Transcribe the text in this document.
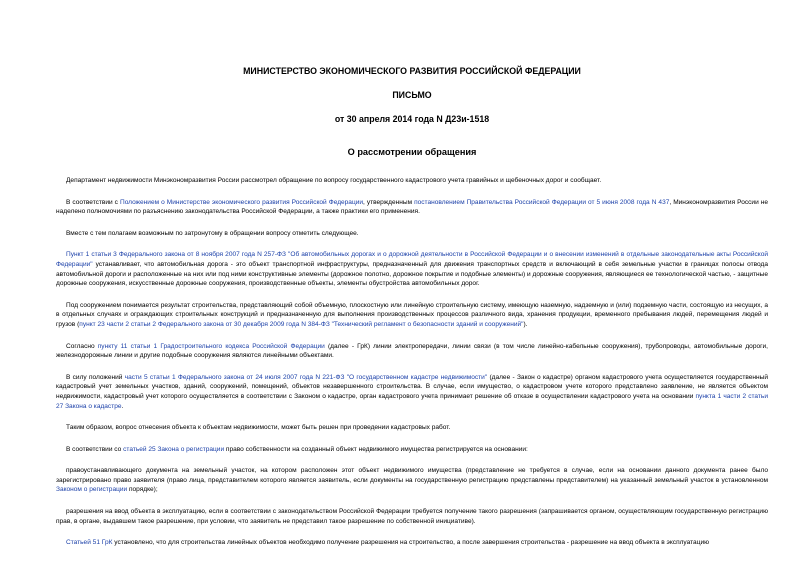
МИНИСТЕРСТВО ЭКОНОМИЧЕСКОГО РАЗВИТИЯ РОССИЙСКОЙ ФЕДЕРАЦИИ
ПИСЬМО
от 30 апреля 2014 года N Д23и-1518
О рассмотрении обращения

Департамент недвижимости Минэкономразвития России рассмотрел обращение по вопросу государственного кадастрового учета гравийных и щебеночных дорог и сообщает.

В соответствии с Положением о Министерстве экономического развития Российской Федерации, утвержденным постановлением Правительства Российской Федерации от 5 июня 2008 года N 437, Минэкономразвития России не наделено полномочиями по разъяснению законодательства Российской Федерации, а также практики его применения.

Вместе с тем полагаем возможным по затронутому в обращении вопросу отметить следующее.

Пункт 1 статьи 3 Федерального закона от 8 ноября 2007 года N 257-ФЗ "Об автомобильных дорогах и о дорожной деятельности в Российской Федерации и о внесении изменений в отдельные законодательные акты Российской Федерации" устанавливает, что автомобильная дорога - это объект транспортной инфраструктуры, предназначенный для движения транспортных средств и включающий в себя земельные участки в границах полосы отвода автомобильной дороги и расположенные на них или под ними конструктивные элементы (дорожное полотно, дорожное покрытие и подобные элементы) и дорожные сооружения, являющиеся ее технологической частью, - защитные дорожные сооружения, искусственные дорожные сооружения, производственные объекты, элементы обустройства автомобильных дорог.

Под сооружением понимается результат строительства, представляющий собой объемную, плоскостную или линейную строительную систему, имеющую наземную, надземную и (или) подземную части, состоящую из несущих, а в отдельных случаях и ограждающих строительных конструкций и предназначенную для выполнения производственных процессов различного вида, хранения продукции, временного пребывания людей, перемещения людей и грузов (пункт 23 части 2 статьи 2 Федерального закона от 30 декабря 2009 года N 384-ФЗ "Технический регламент о безопасности зданий и сооружений").

Согласно пункту 11 статьи 1 Градостроительного кодекса Российской Федерации (далее - ГрК) линии электропередачи, линии связи (в том числе линейно-кабельные сооружения), трубопроводы, автомобильные дороги, железнодорожные линии и другие подобные сооружения являются линейными объектами.

В силу положений части 5 статьи 1 Федерального закона от 24 июля 2007 года N 221-ФЗ "О государственном кадастре недвижимости" (далее - Закон о кадастре) органом кадастрового учета осуществляется государственный кадастровый учет земельных участков, зданий, сооружений, помещений, объектов незавершенного строительства. В случае, если имущество, о кадастровом учете которого представлено заявление, не является объектом недвижимости, кадастровый учет которого осуществляется в соответствии с Законом о кадастре, орган кадастрового учета принимает решение об отказе в осуществлении кадастрового учета на основании пункта 1 части 2 статьи 27 Закона о кадастре.

Таким образом, вопрос отнесения объекта к объектам недвижимости, может быть решен при проведении кадастровых работ.

В соответствии со статьей 25 Закона о регистрации право собственности на созданный объект недвижимого имущества регистрируется на основании:

правоустанавливающего документа на земельный участок, на котором расположен этот объект недвижимого имущества (представление не требуется в случае, если на основании данного документа ранее было зарегистрировано право заявителя (право лица, представителем которого является заявитель, если документы на государственную регистрацию представлены представителем) на указанный земельный участок в установленном Законом о регистрации порядке);

разрешения на ввод объекта в эксплуатацию, если в соответствии с законодательством Российской Федерации требуется получение такого разрешения (запрашивается органом, осуществляющим государственную регистрацию прав, в органе, выдавшем такое разрешение, при условии, что заявитель не представил такое разрешение по собственной инициативе).

Статьей 51 ГрК установлено, что для строительства линейных объектов необходимо получение разрешения на строительство, а после завершения строительства - разрешение на ввод объекта в эксплуатацию
